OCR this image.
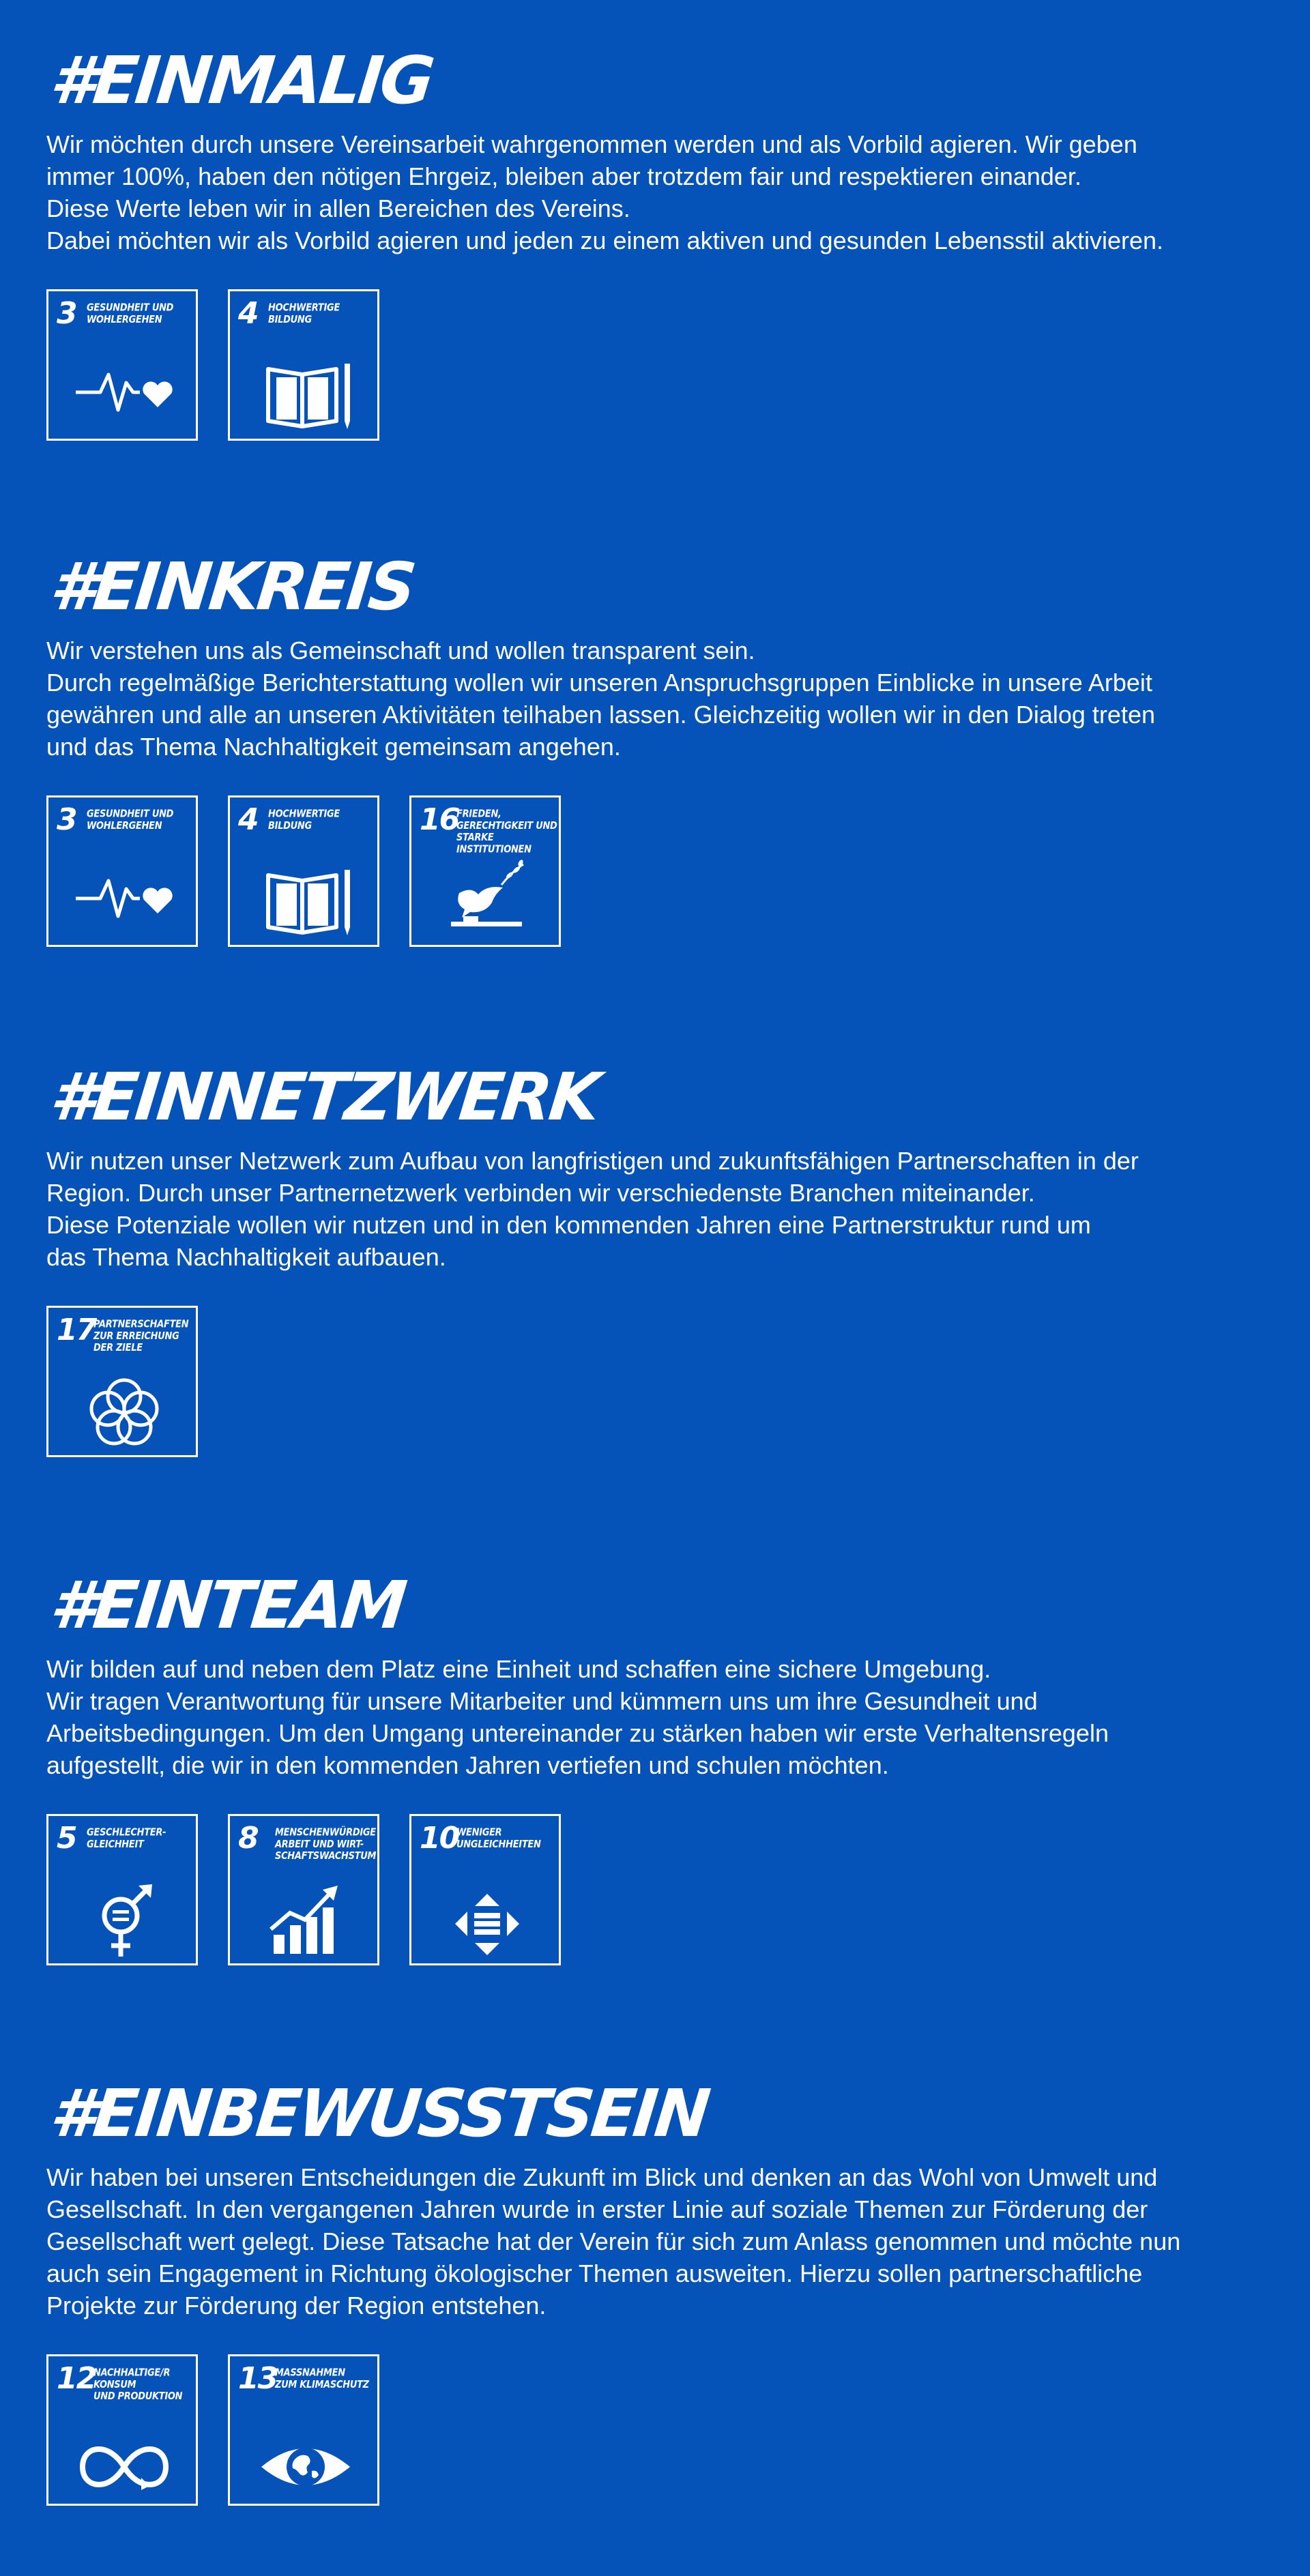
#EINMALIG

Wir möchten durch unsere Vereinsarbeit wahrgenommen werden und als Vorbild agieren. Wir geben

immer 100%, haben den nötigen Ehrgeiz, bleiben aber trotzdem fair und respektieren einander.

Diese Werte leben wir in allen Bereichen des Vereins.

Dabei möchten wir als Vorbild agieren und jeden zu einem aktiven und gesunden Lebensstil aktivieren.

3 GESUNDHEIT UND
WOHLERGEHEN	4 HOCHWERTIGE
BILDUNG
#EINKREIS

Wir verstehen uns als Gemeinschaft und wollen transparent sein.

Durch regelmäßige Berichterstattung wollen wir unseren Anspruchsgruppen Einblicke in unsere Arbeit

gewähren und alle an unseren Aktivitäten teilhaben lassen. Gleichzeitig wollen wir in den Dialog treten

und das Thema Nachhaltigkeit gemeinsam angehen.

3 GESUNDHEIT UND
WOHLERGEHEN	4 HOCHWERTIGE
BILDUNG	16
FRIEDEN,
GERECHTIGKEIT UND
STARKE INSTITUTIONEN
#EINNETZWERK

Wir nutzen unser Netzwerk zum Aufbau von langfristigen und zukunftsfähigen Partnerschaften in der

Region. Durch unser Partnernetzwerk verbinden wir verschiedenste Branchen miteinander.

Diese Potenziale wollen wir nutzen und in den kommenden Jahren eine Partnerstruktur rund um

das Thema Nachhaltigkeit aufbauen.

17
PARTNERSCHAFTEN
ZUR ERREICHUNG
DER ZIELE
#EINTEAM

Wir bilden auf und neben dem Platz eine Einheit und schaffen eine sichere Umgebung.

Wir tragen Verantwortung für unsere Mitarbeiter und kümmern uns um ihre Gesundheit und

Arbeitsbedingungen. Um den Umgang untereinander zu stärken haben wir erste Verhaltensregeln

aufgestellt, die wir in den kommenden Jahren vertiefen und schulen möchten.

5 GESCHLECHTER-
GLEICHHEIT	8 MENSCHENWÜRDIGE
ARBEIT UND WIRT-
SCHAFTSWACHSTUM
10
WENIGER
UNGLEICHHEITEN
#EINBEWUSSTSEIN

Wir haben bei unseren Entscheidungen die Zukunft im Blick und denken an das Wohl von Umwelt und

Gesellschaft. In den vergangenen Jahren wurde in erster Linie auf soziale Themen zur Förderung der

Gesellschaft wert gelegt. Diese Tatsache hat der Verein für sich zum Anlass genommen und möchte nun

auch sein Engagement in Richtung ökologischer Themen ausweiten. Hierzu sollen partnerschaftliche

Projekte zur Förderung der Region entstehen.

12
NACHHALTIGE/R
KONSUM
UND PRODUKTION
13
MASSNAHMEN
ZUM KLIMASCHUTZ
